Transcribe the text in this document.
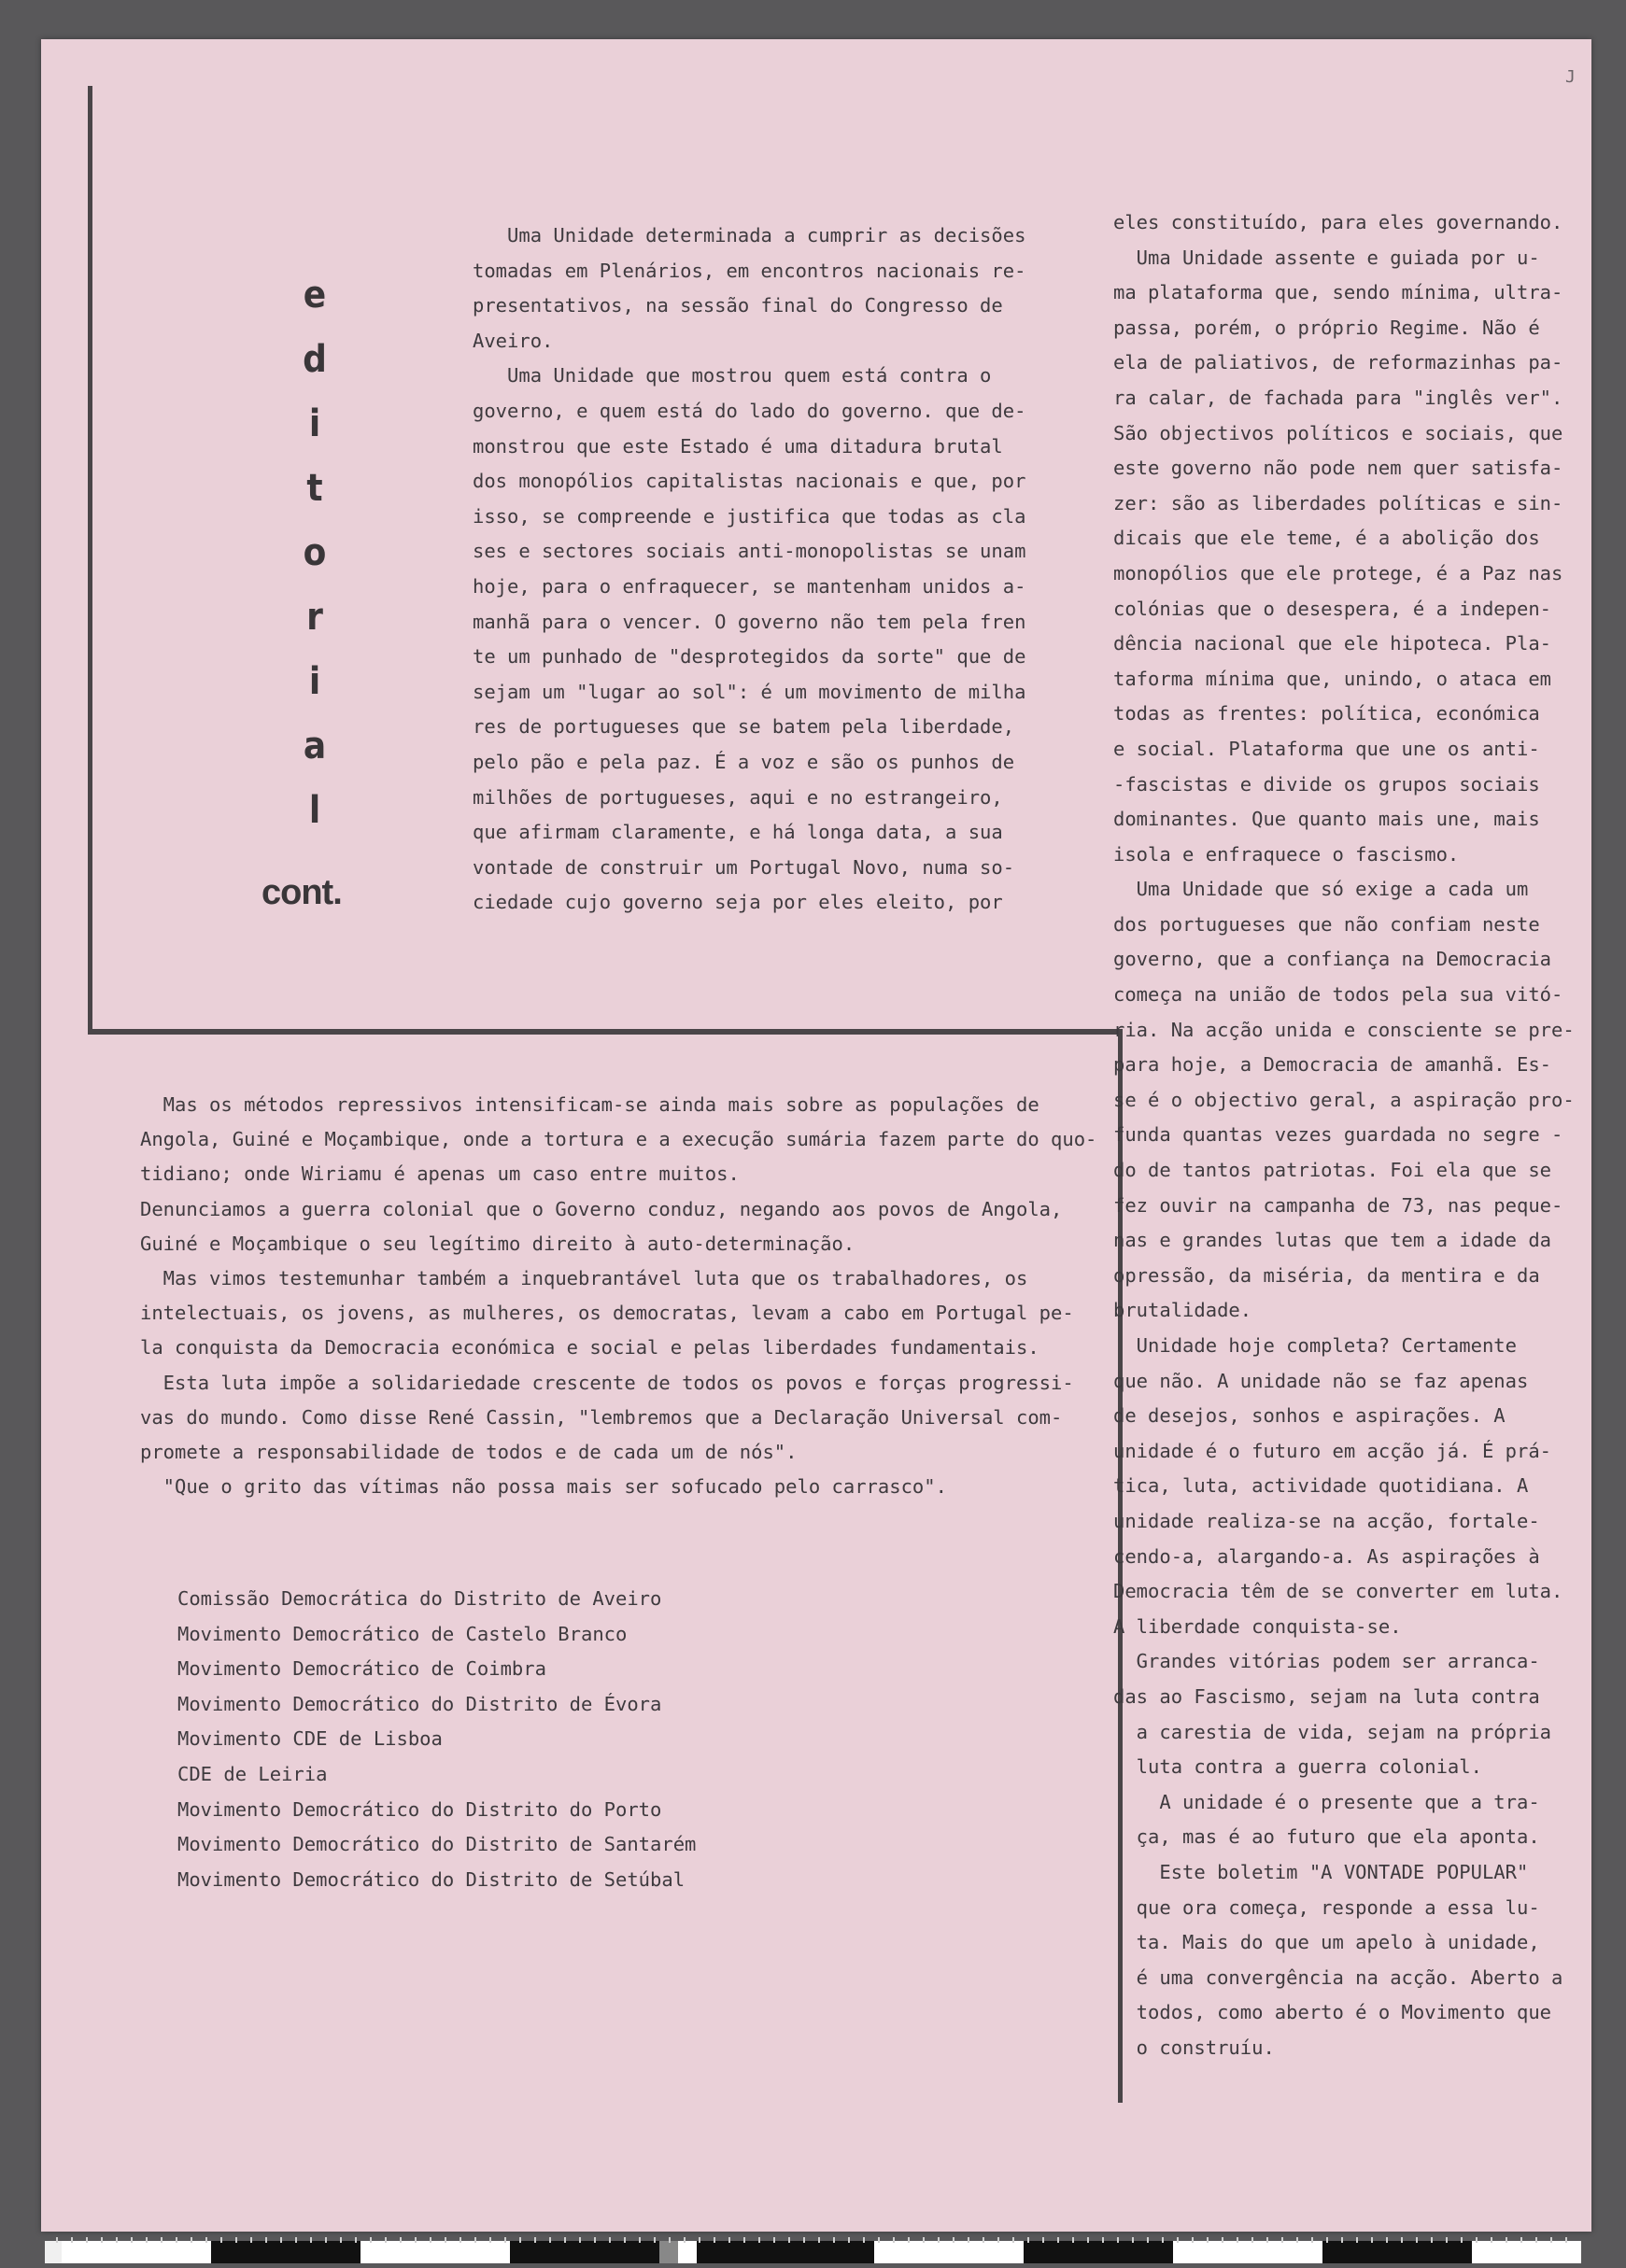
J
e
d
i
t
o
r
i
a
l
cont.
Uma Unidade determinada a cumprir as decisões
tomadas em Plenários, em encontros nacionais re-
presentativos, na sessão final do Congresso de
Aveiro.
Uma Unidade que mostrou quem está contra o
governo, e quem está do lado do governo. que de-
monstrou que este Estado é uma ditadura brutal
dos monopólios capitalistas nacionais e que, por
isso, se compreende e justifica que todas as cla
ses e sectores sociais anti-monopolistas se unam
hoje, para o enfraquecer, se mantenham unidos a-
manhã para o vencer. O governo não tem pela fren
te um punhado de "desprotegidos da sorte" que de
sejam um "lugar ao sol": é um movimento de milha
res de portugueses que se batem pela liberdade,
pelo pão e pela paz. É a voz e são os punhos de
milhões de portugueses, aqui e no estrangeiro,
que afirmam claramente, e há longa data, a sua
vontade de construir um Portugal Novo, numa so-
ciedade cujo governo seja por eles eleito, por
eles constituído, para eles governando.
Uma Unidade assente e guiada por u-
ma plataforma que, sendo mínima, ultra-
passa, porém, o próprio Regime. Não é
ela de paliativos, de reformazinhas pa-
ra calar, de fachada para "inglês ver".
São objectivos políticos e sociais, que
este governo não pode nem quer satisfa-
zer: são as liberdades políticas e sin-
dicais que ele teme, é a abolição dos
monopólios que ele protege, é a Paz nas
colónias que o desespera, é a indepen-
dência nacional que ele hipoteca. Pla-
taforma mínima que, unindo, o ataca em
todas as frentes: política, económica
e social. Plataforma que une os anti-
-fascistas e divide os grupos sociais
dominantes. Que quanto mais une, mais
isola e enfraquece o fascismo.
Uma Unidade que só exige a cada um
dos portugueses que não confiam neste
governo, que a confiança na Democracia
começa na união de todos pela sua vitó-
ria. Na acção unida e consciente se pre-
para hoje, a Democracia de amanhã. Es-
se é o objectivo geral, a aspiração pro-
funda quantas vezes guardada no segre -
do de tantos patriotas. Foi ela que se
fez ouvir na campanha de 73, nas peque-
nas e grandes lutas que tem a idade da
opressão, da miséria, da mentira e da
brutalidade.
Unidade hoje completa? Certamente
que não. A unidade não se faz apenas
de desejos, sonhos e aspirações. A
unidade é o futuro em acção já. É prá-
tica, luta, actividade quotidiana. A
unidade realiza-se na acção, fortale-
cendo-a, alargando-a. As aspirações à
Democracia têm de se converter em luta.
A liberdade conquista-se.
Grandes vitórias podem ser arranca-
das ao Fascismo, sejam na luta contra
a carestia de vida, sejam na própria
luta contra a guerra colonial.
A unidade é o presente que a tra-
ça, mas é ao futuro que ela aponta.
Este boletim "A VONTADE POPULAR"
que ora começa, responde a essa lu-
ta. Mais do que um apelo à unidade,
é uma convergência na acção. Aberto a
todos, como aberto é o Movimento que
o construíu.
Mas os métodos repressivos intensificam-se ainda mais sobre as populações de
Angola, Guiné e Moçambique, onde a tortura e a execução sumária fazem parte do quo-
tidiano; onde Wiriamu é apenas um caso entre muitos.
Denunciamos a guerra colonial que o Governo conduz, negando aos povos de Angola,
Guiné e Moçambique o seu legítimo direito à auto-determinação.
Mas vimos testemunhar também a inquebrantável luta que os trabalhadores, os
intelectuais, os jovens, as mulheres, os democratas, levam a cabo em Portugal pe-
la conquista da Democracia económica e social e pelas liberdades fundamentais.
Esta luta impõe a solidariedade crescente de todos os povos e forças progressi-
vas do mundo. Como disse René Cassin, "lembremos que a Declaração Universal com-
promete a responsabilidade de todos e de cada um de nós".
"Que o grito das vítimas não possa mais ser sofucado pelo carrasco".
Comissão Democrática do Distrito de Aveiro
Movimento Democrático de Castelo Branco
Movimento Democrático de Coimbra
Movimento Democrático do Distrito de Évora
Movimento CDE de Lisboa
CDE de Leiria
Movimento Democrático do Distrito do Porto
Movimento Democrático do Distrito de Santarém
Movimento Democrático do Distrito de Setúbal
